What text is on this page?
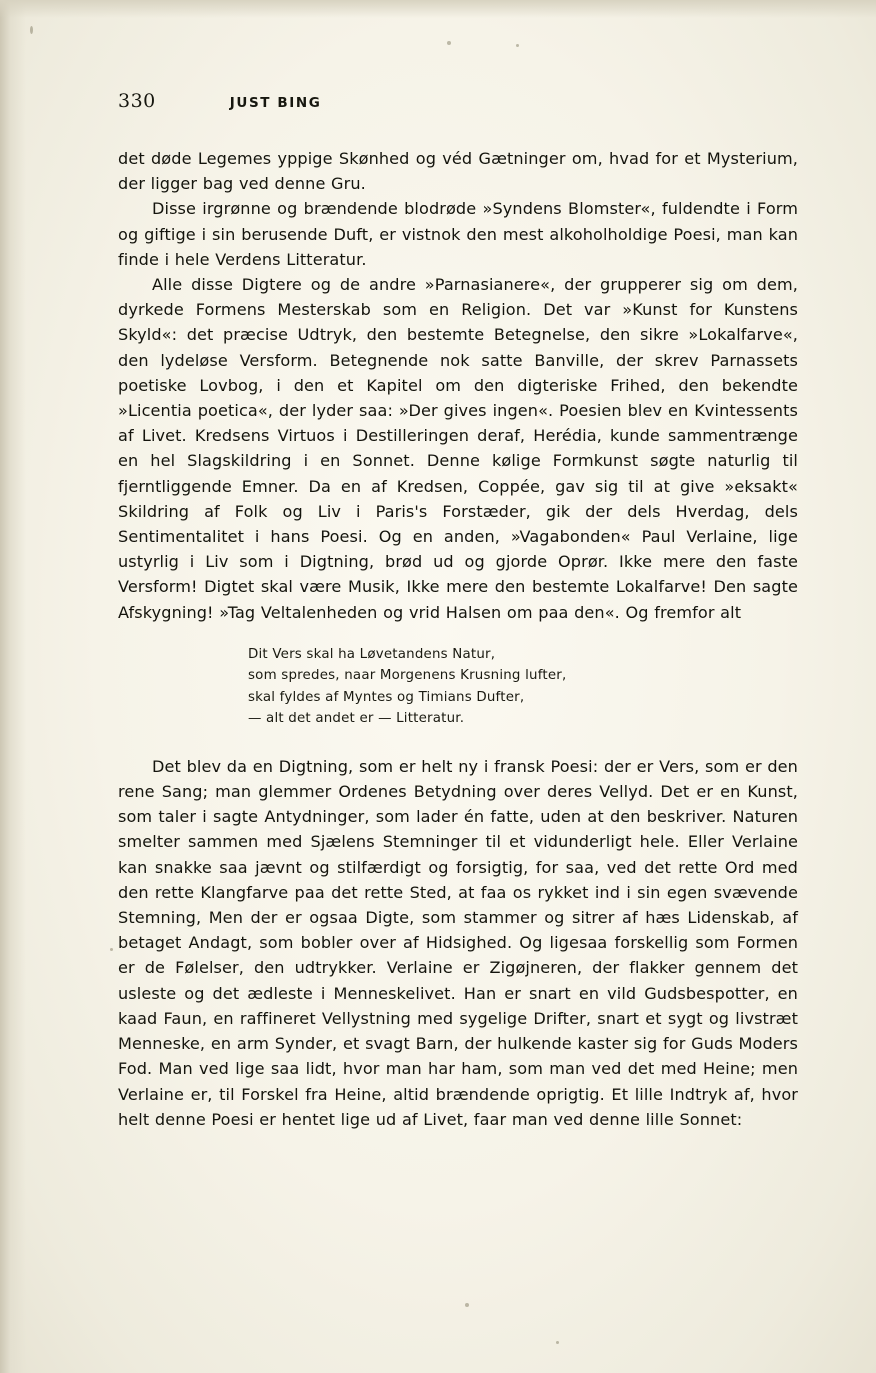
330	JUST BING

det døde Legemes yppige Skønhed og véd Gætninger om, hvad for et Mysterium, der ligger bag ved denne Gru.

Disse irgrønne og brændende blodrøde »Syndens Blomster«, fuldendte i Form og giftige i sin berusende Duft, er vistnok den mest alkoholholdige Poesi, man kan finde i hele Verdens Litteratur.

Alle disse Digtere og de andre »Parnasianere«, der grupperer sig om dem, dyrkede Formens Mesterskab som en Religion. Det var »Kunst for Kunstens Skyld«: det præcise Udtryk, den bestemte Betegnelse, den sikre »Lokalfarve«, den lydeløse Versform. Betegnende nok satte Banville, der skrev Parnassets poetiske Lovbog, i den et Kapitel om den digteriske Frihed, den bekendte »Licentia poetica«, der lyder saa: »Der gives ingen«. Poesien blev en Kvintessents af Livet. Kredsens Virtuos i Destilleringen deraf, Herédia, kunde sammentrænge en hel Slagskildring i en Sonnet. Denne kølige Formkunst søgte naturlig til fjerntliggende Emner. Da en af Kredsen, Coppée, gav sig til at give »eksakt« Skildring af Folk og Liv i Paris's Forstæder, gik der dels Hverdag, dels Sentimentalitet i hans Poesi. Og en anden, »Vagabonden« Paul Verlaine, lige ustyrlig i Liv som i Digtning, brød ud og gjorde Oprør. Ikke mere den faste Versform! Digtet skal være Musik, Ikke mere den bestemte Lokalfarve! Den sagte Afskygning! »Tag Veltalenheden og vrid Halsen om paa den«. Og fremfor alt

Dit Vers skal ha Løvetandens Natur,
som spredes, naar Morgenens Krusning lufter,
skal fyldes af Myntes og Timians Dufter,
— alt det andet er — Litteratur.

Det blev da en Digtning, som er helt ny i fransk Poesi: der er Vers, som er den rene Sang; man glemmer Ordenes Betydning over deres Vellyd. Det er en Kunst, som taler i sagte Antydninger, som lader én fatte, uden at den beskriver. Naturen smelter sammen med Sjælens Stemninger til et vidunderligt hele. Eller Verlaine kan snakke saa jævnt og stilfærdigt og forsigtig, for saa, ved det rette Ord med den rette Klangfarve paa det rette Sted, at faa os rykket ind i sin egen svævende Stemning, Men der er ogsaa Digte, som stammer og sitrer af hæs Lidenskab, af betaget Andagt, som bobler over af Hidsighed. Og ligesaa forskellig som Formen er de Følelser, den udtrykker. Verlaine er Zigøjneren, der flakker gennem det usleste og det ædleste i Menneskelivet. Han er snart en vild Gudsbespotter, en kaad Faun, en raffineret Vellystning med sygelige Drifter, snart et sygt og livstræt Menneske, en arm Synder, et svagt Barn, der hulkende kaster sig for Guds Moders Fod. Man ved lige saa lidt, hvor man har ham, som man ved det med Heine; men Verlaine er, til Forskel fra Heine, altid brændende oprigtig. Et lille Indtryk af, hvor helt denne Poesi er hentet lige ud af Livet, faar man ved denne lille Sonnet:
